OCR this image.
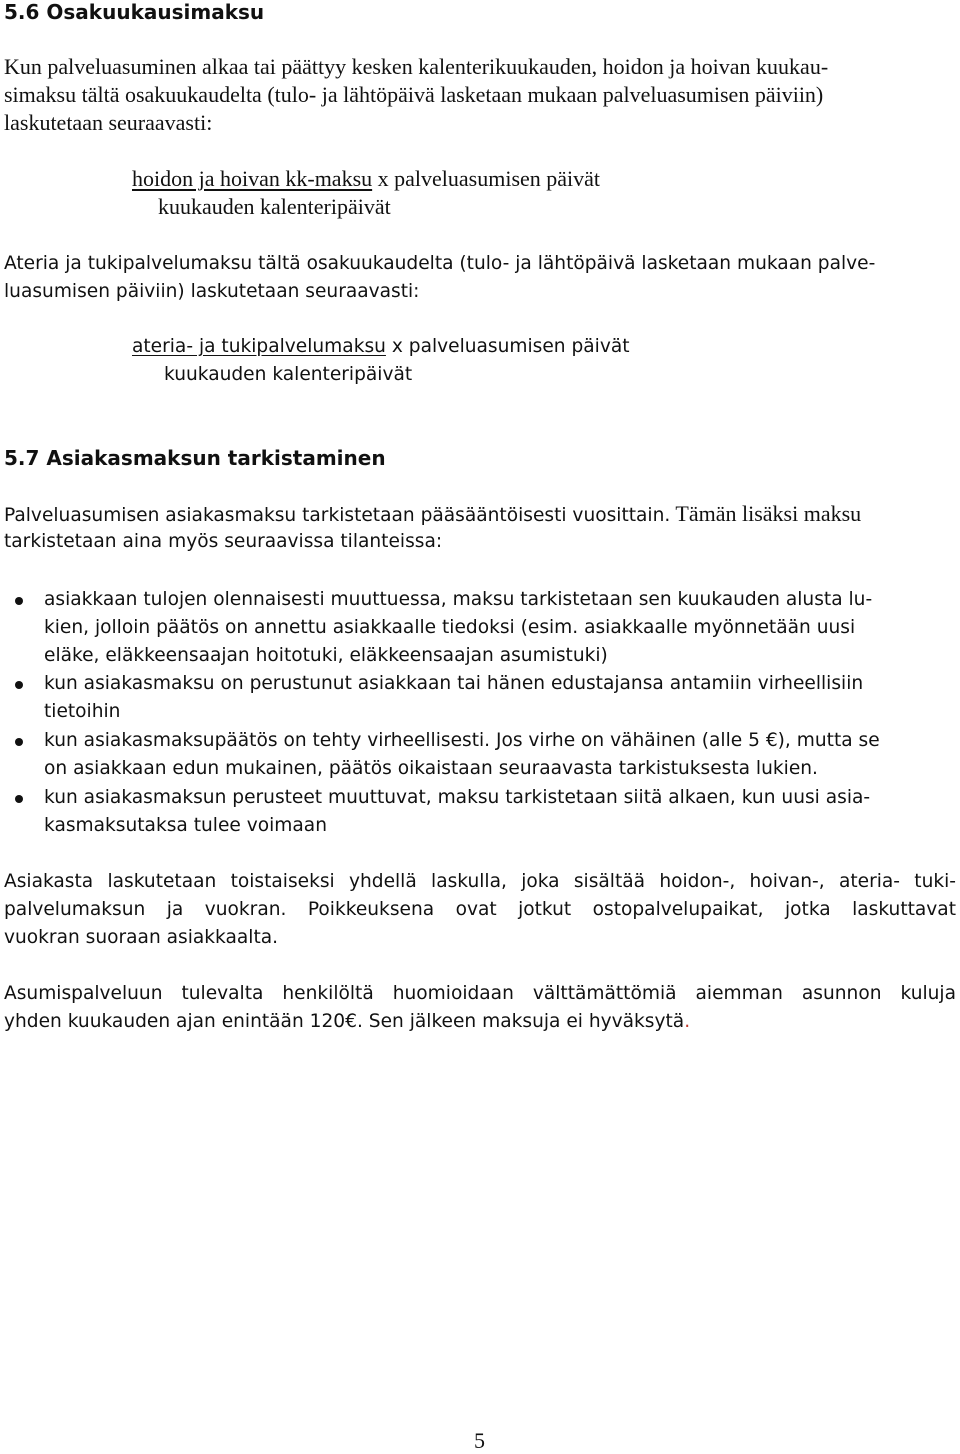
5.6 Osakuukausimaksu
Kun palveluasuminen alkaa tai päättyy kesken kalenterikuukauden, hoidon ja hoivan kuukau-
simaksu tältä osakuukaudelta (tulo- ja lähtöpäivä lasketaan mukaan palveluasumisen päiviin)
laskutetaan seuraavasti:
hoidon ja hoivan kk-maksu x palveluasumisen päivät
kuukauden kalenteripäivät
Ateria ja tukipalvelumaksu tältä osakuukaudelta (tulo- ja lähtöpäivä lasketaan mukaan palve-
luasumisen päiviin) laskutetaan seuraavasti:
ateria- ja tukipalvelumaksu x palveluasumisen päivät
kuukauden kalenteripäivät
5.7 Asiakasmaksun tarkistaminen
Palveluasumisen asiakasmaksu tarkistetaan pääsääntöisesti vuosittain. Tämän lisäksi maksu
tarkistetaan aina myös seuraavissa tilanteissa:
asiakkaan tulojen olennaisesti muuttuessa, maksu tarkistetaan sen kuukauden alusta lu-
kien, jolloin päätös on annettu asiakkaalle tiedoksi (esim. asiakkaalle myönnetään uusi
eläke, eläkkeensaajan hoitotuki, eläkkeensaajan asumistuki)
kun asiakasmaksu on perustunut asiakkaan tai hänen edustajansa antamiin virheellisiin
tietoihin
kun asiakasmaksupäätös on tehty virheellisesti. Jos virhe on vähäinen (alle 5 €), mutta se
on asiakkaan edun mukainen, päätös oikaistaan seuraavasta tarkistuksesta lukien.
kun asiakasmaksun perusteet muuttuvat, maksu tarkistetaan siitä alkaen, kun uusi asia-
kasmaksutaksa tulee voimaan
Asiakasta laskutetaan toistaiseksi yhdellä laskulla, joka sisältää hoidon-, hoivan-, ateria- tuki-
palvelumaksun ja vuokran. Poikkeuksena ovat jotkut ostopalvelupaikat, jotka laskuttavat
vuokran suoraan asiakkaalta.
Asumispalveluun tulevalta henkilöltä huomioidaan välttämättömiä aiemman asunnon kuluja
yhden kuukauden ajan enintään 120€. Sen jälkeen maksuja ei hyväksytä.
5
